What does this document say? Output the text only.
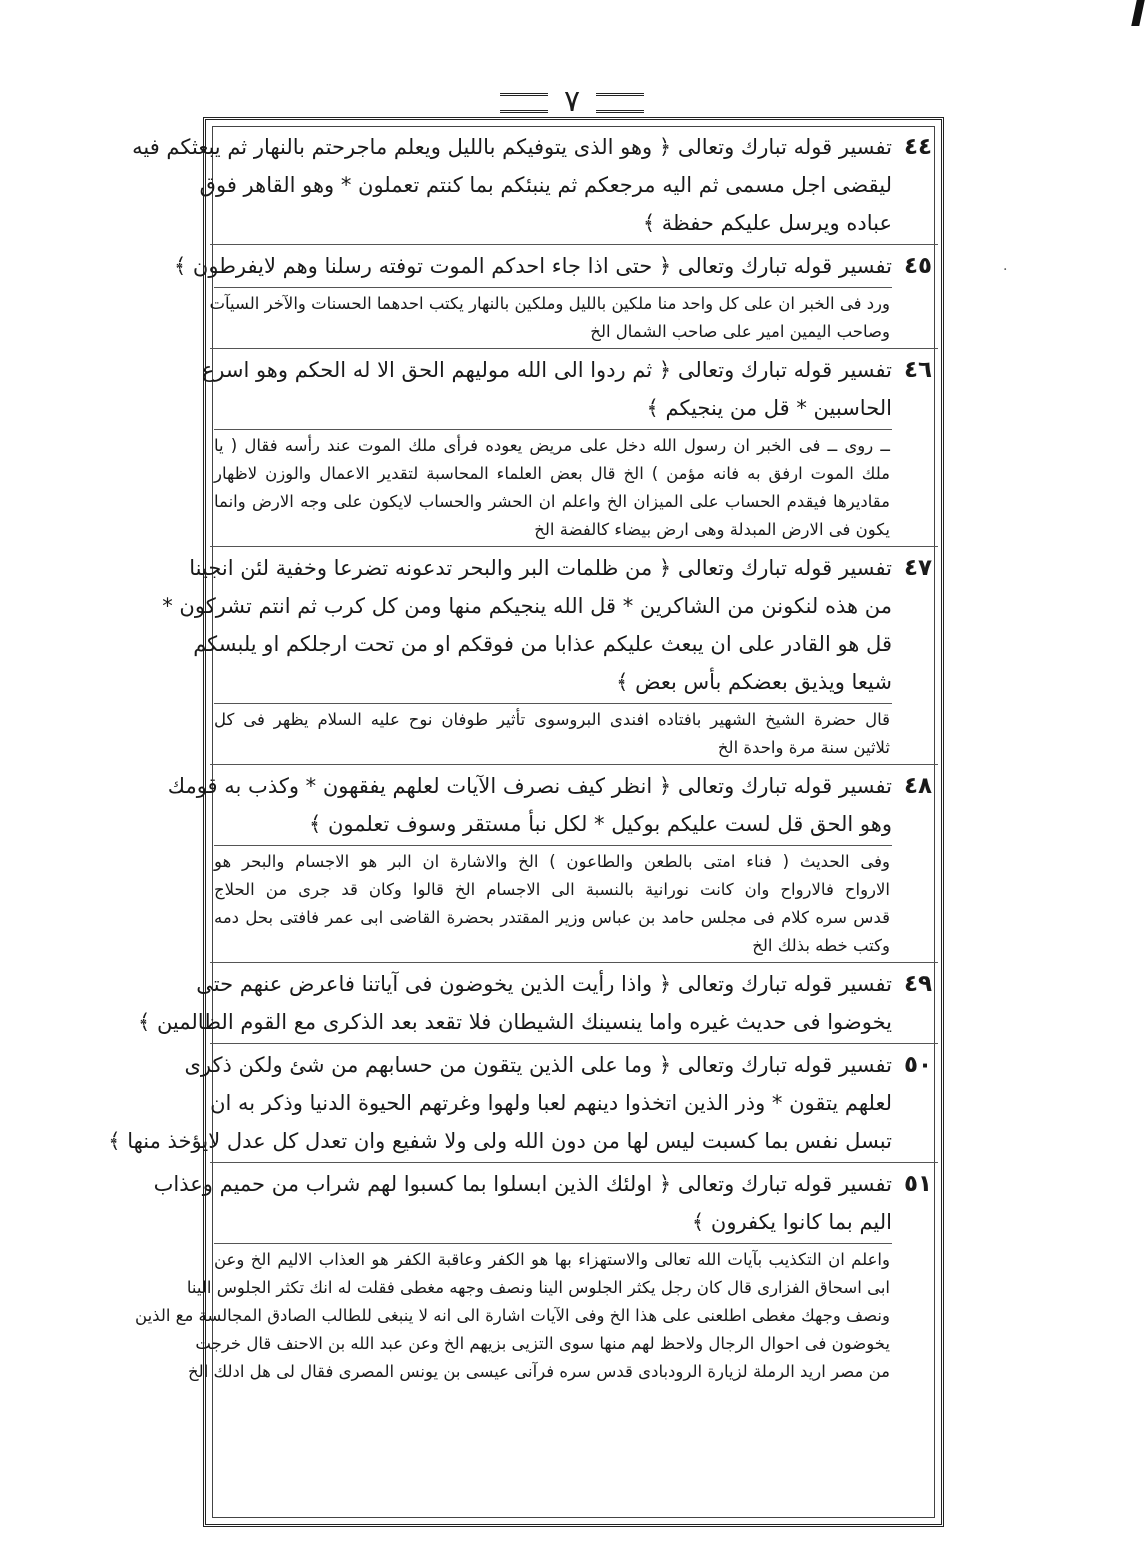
٧
·
٤٤
تفسير قوله تبارك وتعالى ﴿ وهو الذى يتوفيكم بالليل ويعلم ماجرحتم بالنهار ثم يبعثكم فيه
ليقضى اجل مسمى ثم اليه مرجعكم ثم ينبئكم بما كنتم تعملون * وهو القاهر فوق
عباده ويرسل عليكم حفظة ﴾
٤٥
تفسير قوله تبارك وتعالى ﴿ حتى اذا جاء احدكم الموت توفته رسلنا وهم لايفرطون ﴾
ورد فى الخبر ان على كل واحد منا ملكين بالليل وملكين بالنهار يكتب احدهما الحسنات والآخر السيآت
وصاحب اليمين امير على صاحب الشمال الخ
٤٦
تفسير قوله تبارك وتعالى ﴿ ثم ردوا الى الله موليهم الحق الا له الحكم وهو اسرع
الحاسبين * قل من ينجيكم ﴾
ــ روى ــ فى الخبر ان رسول الله دخل على مريض يعوده فرأى ملك الموت عند رأسه فقال ( يا
ملك الموت ارفق به فانه مؤمن ) الخ قال بعض العلماء المحاسبة لتقدير الاعمال والوزن لاظهار
مقاديرها فيقدم الحساب على الميزان الخ واعلم ان الحشر والحساب لايكون على وجه الارض وانما
يكون فى الارض المبدلة وهى ارض بيضاء كالفضة الخ
٤٧
تفسير قوله تبارك وتعالى ﴿ من ظلمات البر والبحر تدعونه تضرعا وخفية لئن انجينا
من هذه لنكونن من الشاكرين * قل الله ينجيكم منها ومن كل كرب ثم انتم تشركون *
قل هو القادر على ان يبعث عليكم عذابا من فوقكم او من تحت ارجلكم او يلبسكم
شيعا ويذيق بعضكم بأس بعض ﴾
قال حضرة الشيخ الشهير بافتاده افندى البروسوى تأثير طوفان نوح عليه السلام يظهر فى كل
ثلاثين سنة مرة واحدة الخ
٤٨
تفسير قوله تبارك وتعالى ﴿ انظر كيف نصرف الآيات لعلهم يفقهون * وكذب به قومك
وهو الحق قل لست عليكم بوكيل * لكل نبأ مستقر وسوف تعلمون ﴾
وفى الحديث ( فناء امتى بالطعن والطاعون ) الخ والاشارة ان البر هو الاجسام والبحر هو
الارواح فالارواح وان كانت نورانية بالنسبة الى الاجسام الخ قالوا وكان قد جرى من الحلاج
قدس سره كلام فى مجلس حامد بن عباس وزير المقتدر بحضرة القاضى ابى عمر فافتى بحل دمه
وكتب خطه بذلك الخ
٤٩
تفسير قوله تبارك وتعالى ﴿ واذا رأيت الذين يخوضون فى آياتنا فاعرض عنهم حتى
يخوضوا فى حديث غيره واما ينسينك الشيطان فلا تقعد بعد الذكرى مع القوم الظالمين ﴾
٥٠
تفسير قوله تبارك وتعالى ﴿ وما على الذين يتقون من حسابهم من شئ ولكن ذكرى
لعلهم يتقون * وذر الذين اتخذوا دينهم لعبا ولهوا وغرتهم الحيوة الدنيا وذكر به ان
تبسل نفس بما كسبت ليس لها من دون الله ولى ولا شفيع وان تعدل كل عدل لايؤخذ منها ﴾
٥١
تفسير قوله تبارك وتعالى ﴿ اولئك الذين ابسلوا بما كسبوا لهم شراب من حميم وعذاب
اليم بما كانوا يكفرون ﴾
واعلم ان التكذيب بآيات الله تعالى والاستهزاء بها هو الكفر وعاقبة الكفر هو العذاب الاليم الخ وعن
ابى اسحاق الفزارى قال كان رجل يكثر الجلوس الينا ونصف وجهه مغطى فقلت له انك تكثر الجلوس الينا
ونصف وجهك مغطى اطلعنى على هذا الخ وفى الآيات اشارة الى انه لا ينبغى للطالب الصادق المجالسة مع الذين
يخوضون فى احوال الرجال ولاحظ لهم منها سوى التزيى بزيهم الخ وعن عبد الله بن الاحنف قال خرجت
من مصر اريد الرملة لزيارة الرودبادى قدس سره فرآنى عيسى بن يونس المصرى فقال لى هل ادلك الخ
